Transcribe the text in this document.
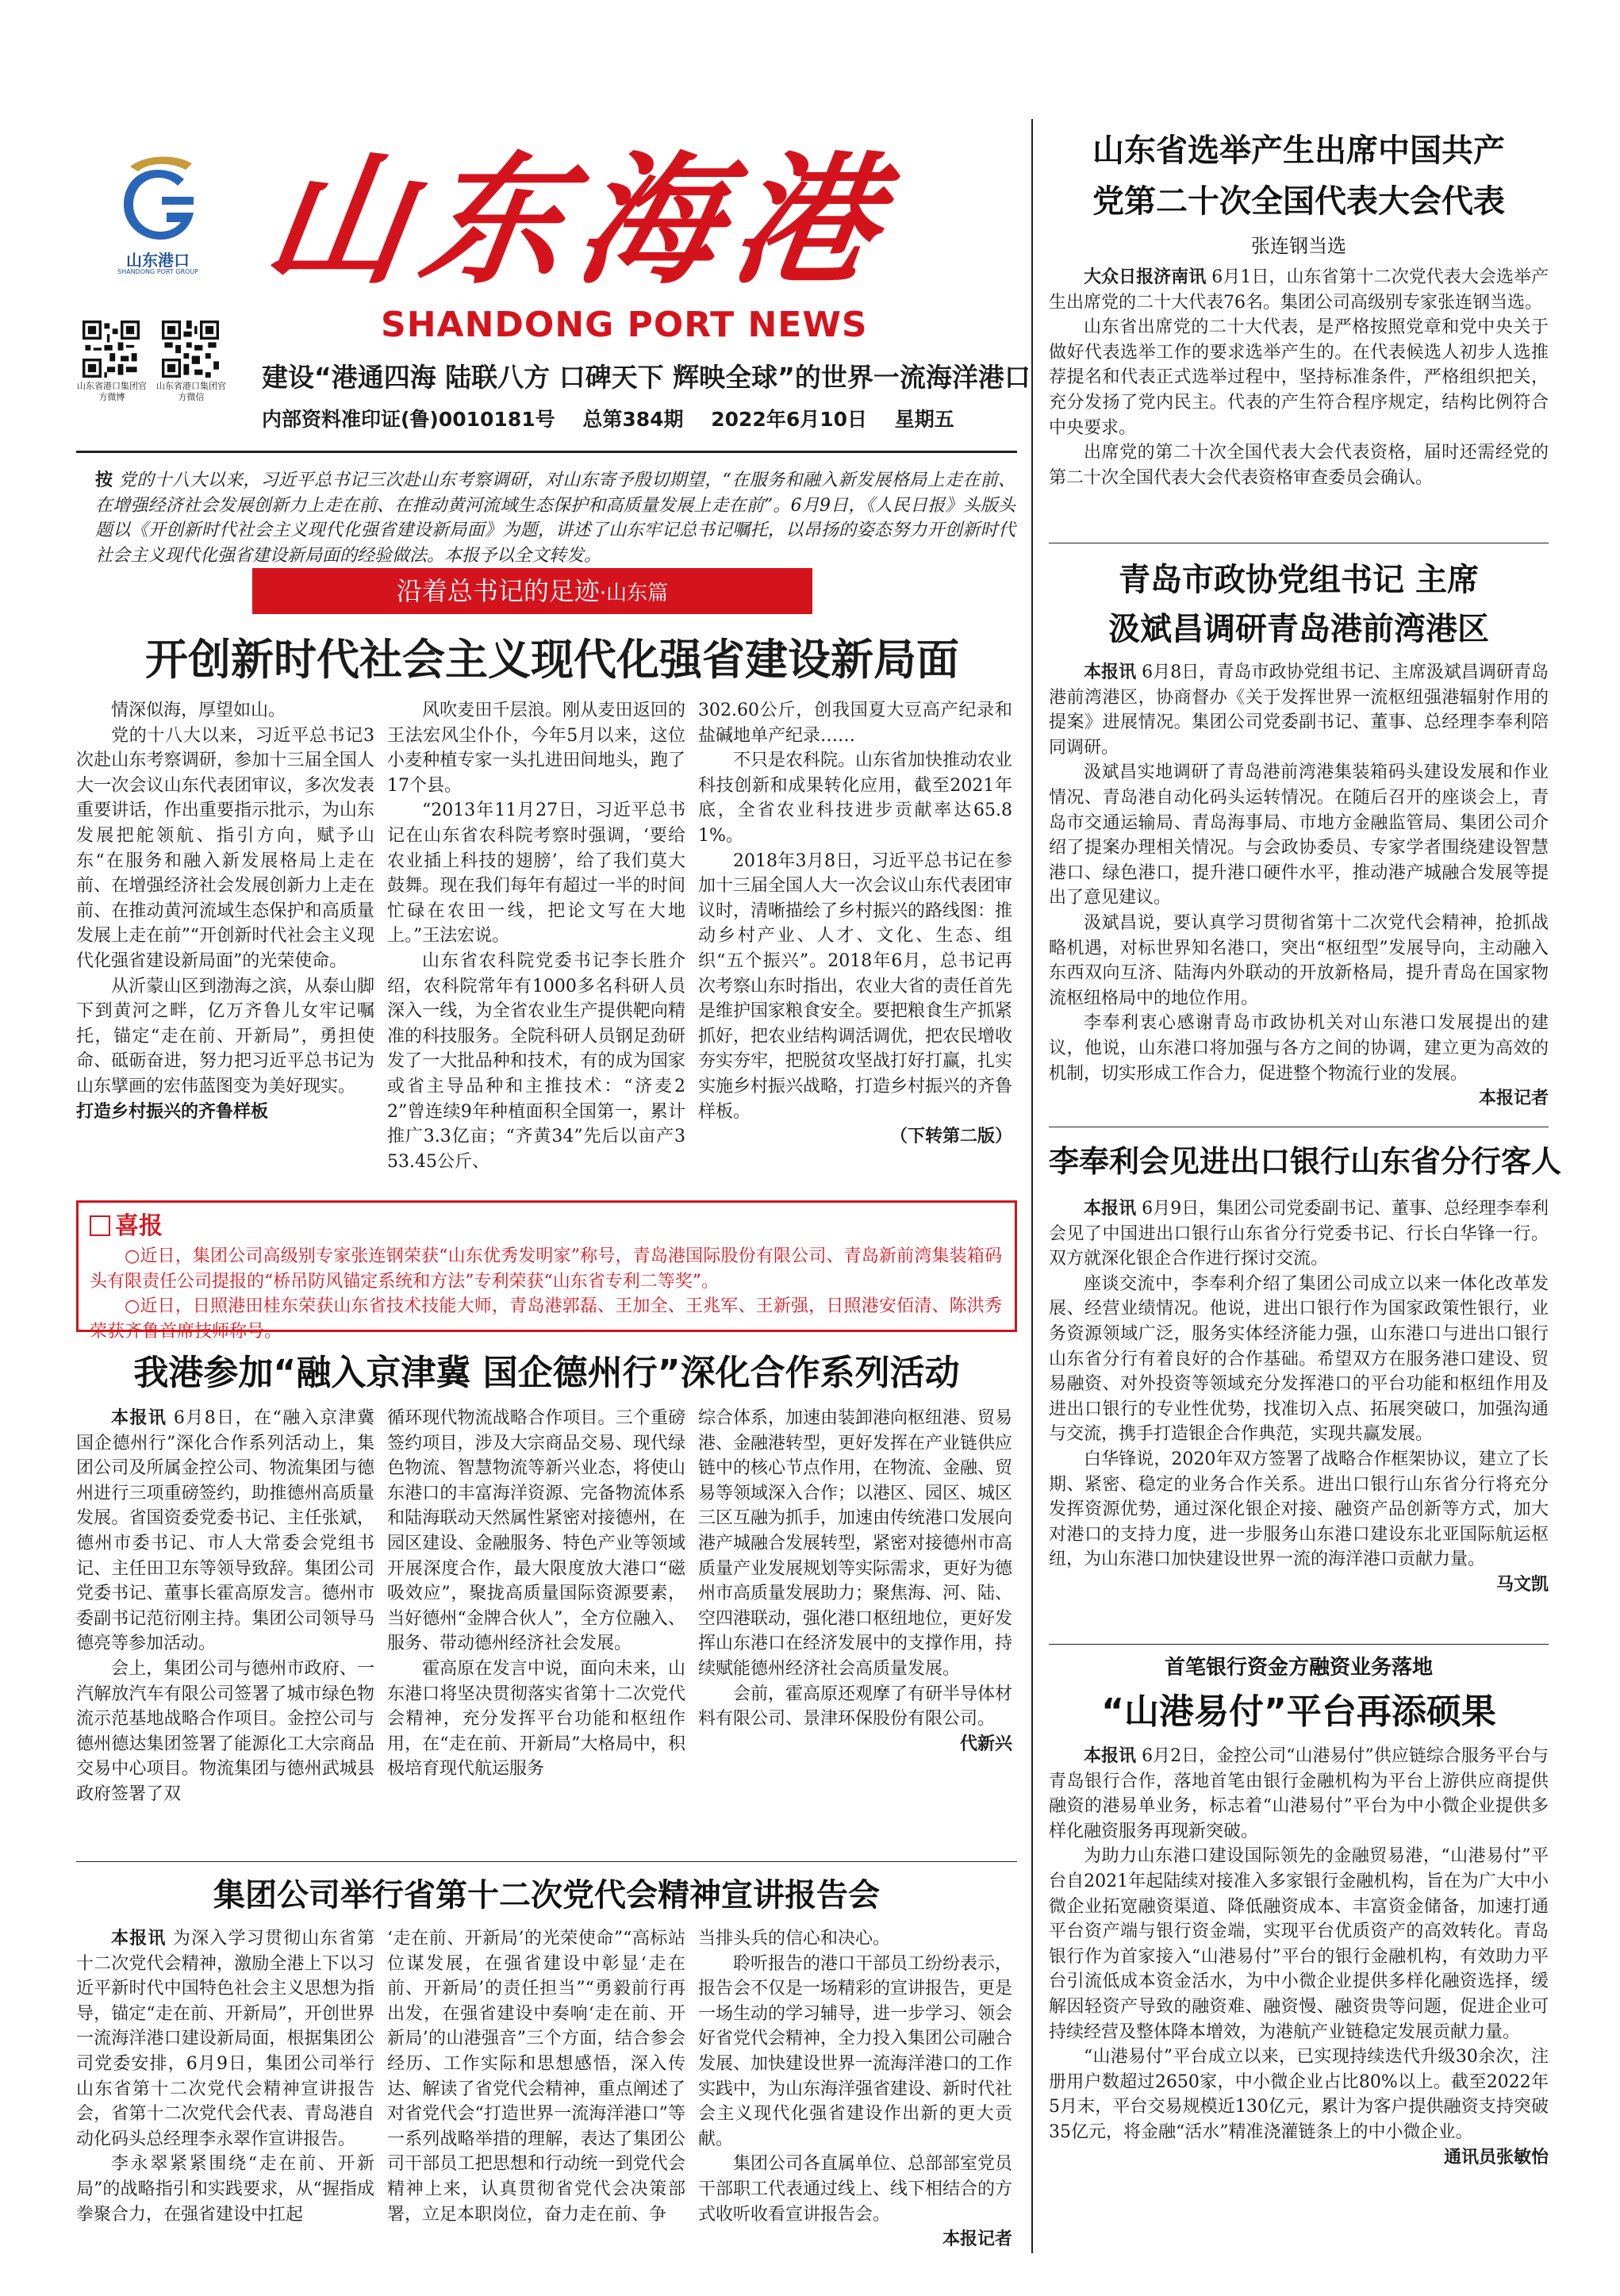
山东港口
SHANDONG PORT GROUP 山东海港
SHANDONG PORT NEWS
山东省港口集团官方微博
山东省港口集团官方微信
建设“港通四海 陆联八方 口碑天下 辉映全球”的世界一流海洋港口
内部资料准印证(鲁)0010181号 总第384期 2022年6月10日 星期五
按 党的十八大以来，习近平总书记三次赴山东考察调研，对山东寄予殷切期望，“在服务和融入新发展格局上走在前、在增强经济社会发展创新力上走在前、在推动黄河流域生态保护和高质量发展上走在前”。6月9日，《人民日报》头版头题以《开创新时代社会主义现代化强省建设新局面》为题，讲述了山东牢记总书记嘱托，以昂扬的姿态努力开创新时代社会主义现代化强省建设新局面的经验做法。本报予以全文转发。
沿着总书记的足迹·山东篇
开创新时代社会主义现代化强省建设新局面

情深似海，厚望如山。

党的十八大以来，习近平总书记3次赴山东考察调研，参加十三届全国人大一次会议山东代表团审议，多次发表重要讲话，作出重要指示批示，为山东发展把舵领航、指引方向，赋予山东“在服务和融入新发展格局上走在前、在增强经济社会发展创新力上走在前、在推动黄河流域生态保护和高质量发展上走在前”“开创新时代社会主义现代化强省建设新局面”的光荣使命。

从沂蒙山区到渤海之滨，从泰山脚下到黄河之畔，亿万齐鲁儿女牢记嘱托，锚定“走在前、开新局”，勇担使命、砥砺奋进，努力把习近平总书记为山东擘画的宏伟蓝图变为美好现实。

打造乡村振兴的齐鲁样板

风吹麦田千层浪。刚从麦田返回的王法宏风尘仆仆，今年5月以来，这位小麦种植专家一头扎进田间地头，跑了17个县。

“2013年11月27日，习近平总书记在山东省农科院考察时强调，‘要给农业插上科技的翅膀’，给了我们莫大鼓舞。现在我们每年有超过一半的时间忙碌在农田一线，把论文写在大地上。”王法宏说。

山东省农科院党委书记李长胜介绍，农科院常年有1000多名科研人员深入一线，为全省农业生产提供靶向精准的科技服务。全院科研人员钢足劲研发了一大批品种和技术，有的成为国家或省主导品种和主推技术：“济麦22”曾连续9年种植面积全国第一，累计推广3.3亿亩；“齐黄34”先后以亩产353.45公斤、

302.60公斤，创我国夏大豆高产纪录和盐碱地单产纪录……

不只是农科院。山东省加快推动农业科技创新和成果转化应用，截至2021年底，全省农业科技进步贡献率达65.81%。

2018年3月8日，习近平总书记在参加十三届全国人大一次会议山东代表团审议时，清晰描绘了乡村振兴的路线图：推动乡村产业、人才、文化、生态、组织“五个振兴”。2018年6月，总书记再次考察山东时指出，农业大省的责任首先是维护国家粮食安全。要把粮食生产抓紧抓好，把农业结构调活调优，把农民增收夯实夯牢，把脱贫攻坚战打好打赢，扎实实施乡村振兴战略，打造乡村振兴的齐鲁样板。

（下转第二版）

喜报

○近日，集团公司高级别专家张连钢荣获“山东优秀发明家”称号，青岛港国际股份有限公司、青岛新前湾集装箱码头有限责任公司提报的“桥吊防风锚定系统和方法”专利荣获“山东省专利二等奖”。

○近日，日照港田桂东荣获山东省技术技能大师，青岛港郭磊、王加全、王兆军、王新强，日照港安佰清、陈洪秀荣获齐鲁首席技师称号。

我港参加“融入京津冀 国企德州行”深化合作系列活动

本报讯 6月8日，在“融入京津冀 国企德州行”深化合作系列活动上，集团公司及所属金控公司、物流集团与德州进行三项重磅签约，助推德州高质量发展。省国资委党委书记、主任张斌，德州市委书记、市人大常委会党组书记、主任田卫东等领导致辞。集团公司党委书记、董事长霍高原发言。德州市委副书记范衍刚主持。集团公司领导马德亮等参加活动。

会上，集团公司与德州市政府、一汽解放汽车有限公司签署了城市绿色物流示范基地战略合作项目。金控公司与德州德达集团签署了能源化工大宗商品交易中心项目。物流集团与德州武城县政府签署了双

循环现代物流战略合作项目。三个重磅签约项目，涉及大宗商品交易、现代绿色物流、智慧物流等新兴业态，将使山东港口的丰富海洋资源、完备物流体系和陆海联动天然属性紧密对接德州，在园区建设、金融服务、特色产业等领域开展深度合作，最大限度放大港口“磁吸效应”，聚拢高质量国际资源要素，当好德州“金牌合伙人”，全方位融入、服务、带动德州经济社会发展。

霍高原在发言中说，面向未来，山东港口将坚决贯彻落实省第十二次党代会精神，充分发挥平台功能和枢纽作用，在“走在前、开新局”大格局中，积极培育现代航运服务

综合体系，加速由装卸港向枢纽港、贸易港、金融港转型，更好发挥在产业链供应链中的核心节点作用，在物流、金融、贸易等领域深入合作；以港区、园区、城区三区互融为抓手，加速由传统港口发展向港产城融合发展转型，紧密对接德州市高质量产业发展规划等实际需求，更好为德州市高质量发展助力；聚焦海、河、陆、空四港联动，强化港口枢纽地位，更好发挥山东港口在经济发展中的支撑作用，持续赋能德州经济社会高质量发展。

会前，霍高原还观摩了有研半导体材料有限公司、景津环保股份有限公司。

代新兴

集团公司举行省第十二次党代会精神宣讲报告会

本报讯 为深入学习贯彻山东省第十二次党代会精神，激励全港上下以习近平新时代中国特色社会主义思想为指导，锚定“走在前、开新局”，开创世界一流海洋港口建设新局面，根据集团公司党委安排，6月9日，集团公司举行山东省第十二次党代会精神宣讲报告会，省第十二次党代会代表、青岛港自动化码头总经理李永翠作宣讲报告。

李永翠紧紧围绕“走在前、开新局”的战略指引和实践要求，从“握指成拳聚合力，在强省建设中扛起

‘走在前、开新局’的光荣使命”“高标站位谋发展，在强省建设中彰显‘走在前、开新局’的责任担当”“勇毅前行再出发，在强省建设中奏响‘走在前、开新局’的山港强音”三个方面，结合参会经历、工作实际和思想感悟，深入传达、解读了省党代会精神，重点阐述了对省党代会“打造世界一流海洋港口”等一系列战略举措的理解，表达了集团公司干部员工把思想和行动统一到党代会精神上来，认真贯彻省党代会决策部署，立足本职岗位，奋力走在前、争

当排头兵的信心和决心。

聆听报告的港口干部员工纷纷表示，报告会不仅是一场精彩的宣讲报告，更是一场生动的学习辅导，进一步学习、领会好省党代会精神，全力投入集团公司融合发展、加快建设世界一流海洋港口的工作实践中，为山东海洋强省建设、新时代社会主义现代化强省建设作出新的更大贡献。

集团公司各直属单位、总部部室党员干部职工代表通过线上、线下相结合的方式收听收看宣讲报告会。

本报记者

山东省选举产生出席中国共产
党第二十次全国代表大会代表
张连钢当选

大众日报济南讯 6月1日，山东省第十二次党代表大会选举产生出席党的二十大代表76名。集团公司高级别专家张连钢当选。

山东省出席党的二十大代表，是严格按照党章和党中央关于做好代表选举工作的要求选举产生的。在代表候选人初步人选推荐提名和代表正式选举过程中，坚持标准条件，严格组织把关，充分发扬了党内民主。代表的产生符合程序规定，结构比例符合中央要求。

出席党的第二十次全国代表大会代表资格，届时还需经党的第二十次全国代表大会代表资格审查委员会确认。

青岛市政协党组书记 主席
汲斌昌调研青岛港前湾港区

本报讯 6月8日，青岛市政协党组书记、主席汲斌昌调研青岛港前湾港区，协商督办《关于发挥世界一流枢纽强港辐射作用的提案》进展情况。集团公司党委副书记、董事、总经理李奉利陪同调研。

汲斌昌实地调研了青岛港前湾港集装箱码头建设发展和作业情况、青岛港自动化码头运转情况。在随后召开的座谈会上，青岛市交通运输局、青岛海事局、市地方金融监管局、集团公司介绍了提案办理相关情况。与会政协委员、专家学者围绕建设智慧港口、绿色港口，提升港口硬件水平，推动港产城融合发展等提出了意见建议。

汲斌昌说，要认真学习贯彻省第十二次党代会精神，抢抓战略机遇，对标世界知名港口，突出“枢纽型”发展导向，主动融入东西双向互济、陆海内外联动的开放新格局，提升青岛在国家物流枢纽格局中的地位作用。

李奉利衷心感谢青岛市政协机关对山东港口发展提出的建议，他说，山东港口将加强与各方之间的协调，建立更为高效的机制，切实形成工作合力，促进整个物流行业的发展。

本报记者

李奉利会见进出口银行山东省分行客人

本报讯 6月9日，集团公司党委副书记、董事、总经理李奉利会见了中国进出口银行山东省分行党委书记、行长白华锋一行。双方就深化银企合作进行探讨交流。

座谈交流中，李奉利介绍了集团公司成立以来一体化改革发展、经营业绩情况。他说，进出口银行作为国家政策性银行，业务资源领域广泛，服务实体经济能力强，山东港口与进出口银行山东省分行有着良好的合作基础。希望双方在服务港口建设、贸易融资、对外投资等领域充分发挥港口的平台功能和枢纽作用及进出口银行的专业性优势，找准切入点、拓展突破口，加强沟通与交流，携手打造银企合作典范，实现共赢发展。

白华锋说，2020年双方签署了战略合作框架协议，建立了长期、紧密、稳定的业务合作关系。进出口银行山东省分行将充分发挥资源优势，通过深化银企对接、融资产品创新等方式，加大对港口的支持力度，进一步服务山东港口建设东北亚国际航运枢纽，为山东港口加快建设世界一流的海洋港口贡献力量。

马文凯

首笔银行资金方融资业务落地
“山港易付”平台再添硕果

本报讯 6月2日，金控公司“山港易付”供应链综合服务平台与青岛银行合作，落地首笔由银行金融机构为平台上游供应商提供融资的港易单业务，标志着“山港易付”平台为中小微企业提供多样化融资服务再现新突破。

为助力山东港口建设国际领先的金融贸易港，“山港易付”平台自2021年起陆续对接准入多家银行金融机构，旨在为广大中小微企业拓宽融资渠道、降低融资成本、丰富资金储备，加速打通平台资产端与银行资金端，实现平台优质资产的高效转化。青岛银行作为首家接入“山港易付”平台的银行金融机构，有效助力平台引流低成本资金活水，为中小微企业提供多样化融资选择，缓解因轻资产导致的融资难、融资慢、融资贵等问题，促进企业可持续经营及整体降本增效，为港航产业链稳定发展贡献力量。

“山港易付”平台成立以来，已实现持续迭代升级30余次，注册用户数超过2650家，中小微企业占比80%以上。截至2022年5月末，平台交易规模近130亿元，累计为客户提供融资支持突破35亿元，将金融“活水”精准浇灌链条上的中小微企业。

通讯员张敏怡
